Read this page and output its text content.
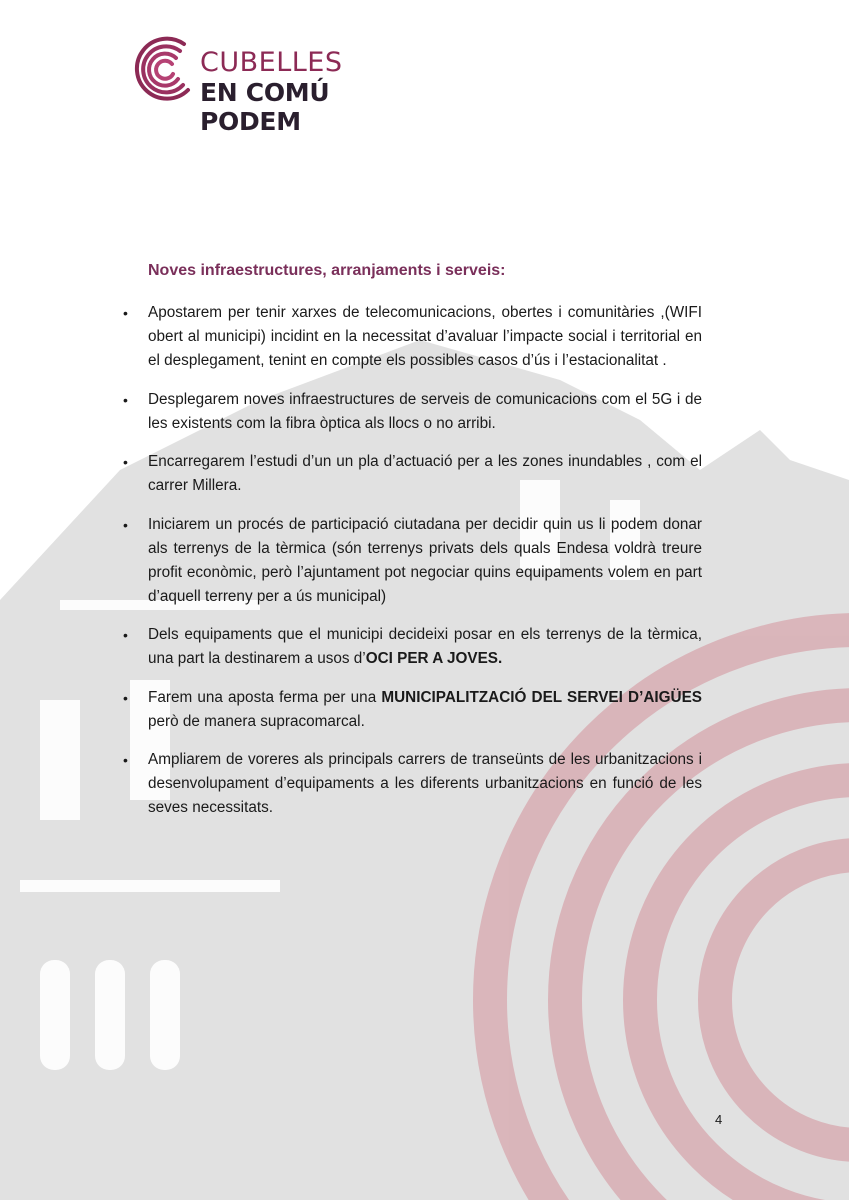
CUBELLES
EN COMÚ PODEM
Noves infraestructures, arranjaments i serveis:
• Apostarem per tenir xarxes de telecomunicacions, obertes i comunitàries ,(WIFI obert al municipi) incidint en la necessitat d’avaluar l’impacte social i territorial en el desplegament, tenint en compte els possibles casos d’ús i l’estacionalitat .
• Desplegarem noves infraestructures de serveis de comunicacions com el 5G i de les existents com la fibra òptica als llocs o no arribi.
• Encarregarem l’estudi d’un un pla d’actuació per a les zones inundables , com el carrer Millera.
• Iniciarem un procés de participació ciutadana per decidir quin us li podem donar als terrenys de la tèrmica (són terrenys privats dels quals Endesa voldrà treure profit econòmic, però l’ajuntament pot negociar quins equipaments volem en part d’aquell terreny per a ús municipal)
• Dels equipaments que el municipi decideixi posar en els terrenys de la tèrmica, una part la destinarem a usos d’OCI PER A JOVES.
• Farem una aposta ferma per una MUNICIPALITZACIÓ DEL SERVEI D’AIGÜES però de manera supracomarcal.
• Ampliarem de voreres als principals carrers de transeünts de les urbanitzacions i desenvolupament d’equipaments a les diferents urbanitzacions en funció de les seves necessitats.
4
